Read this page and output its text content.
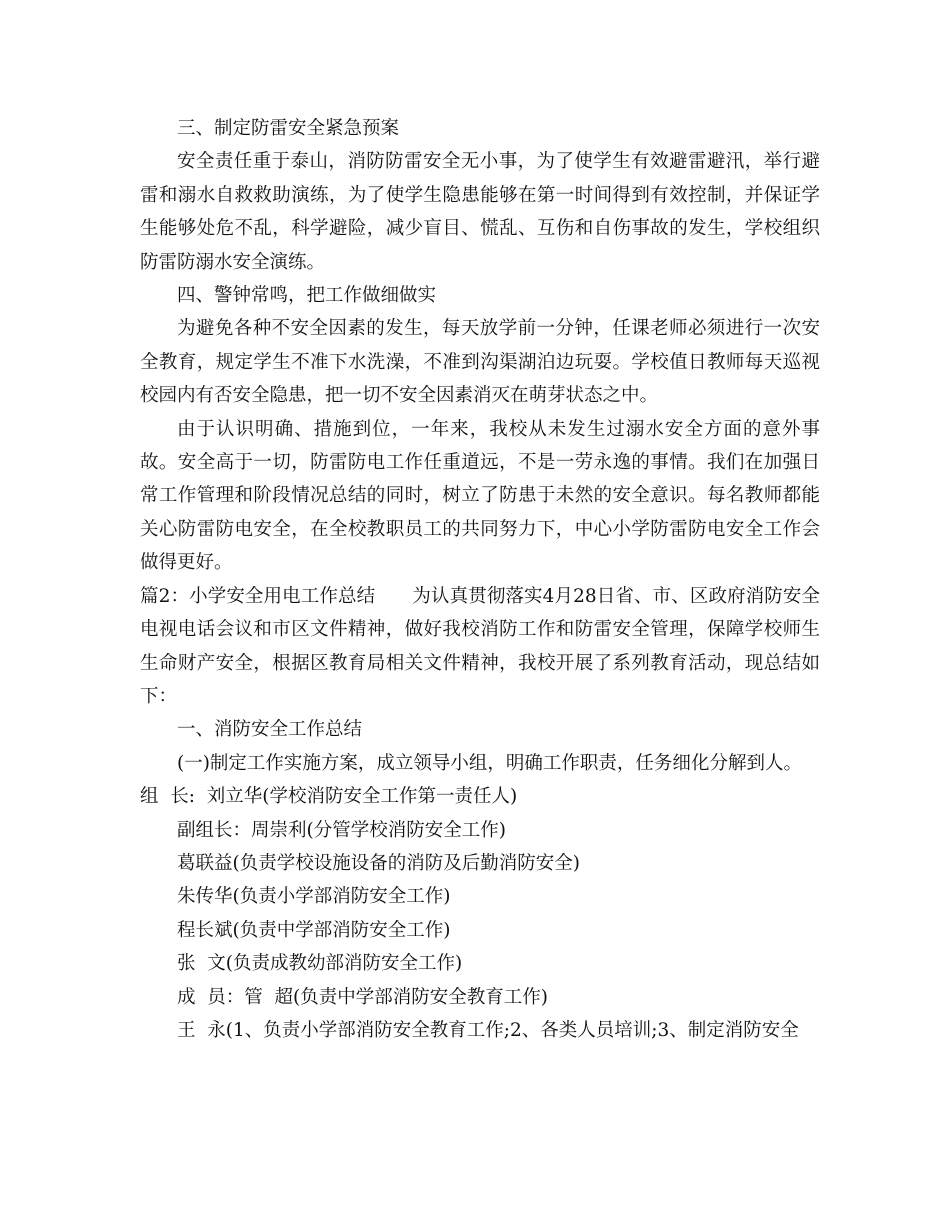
三、制定防雷安全紧急预案

安全责任重于泰山，消防防雷安全无小事，为了使学生有效避雷避汛，举行避雷和溺水自救救助演练，为了使学生隐患能够在第一时间得到有效控制，并保证学生能够处危不乱，科学避险，减少盲目、慌乱、互伤和自伤事故的发生，学校组织防雷防溺水安全演练。

四、警钟常鸣，把工作做细做实

为避免各种不安全因素的发生，每天放学前一分钟，任课老师必须进行一次安全教育，规定学生不准下水洗澡，不准到沟渠湖泊边玩耍。学校值日教师每天巡视校园内有否安全隐患，把一切不安全因素消灭在萌芽状态之中。

由于认识明确、措施到位，一年来，我校从未发生过溺水安全方面的意外事故。安全高于一切，防雷防电工作任重道远，不是一劳永逸的事情。我们在加强日常工作管理和阶段情况总结的同时，树立了防患于未然的安全意识。每名教师都能关心防雷防电安全，在全校教职员工的共同努力下，中心小学防雷防电安全工作会做得更好。

篇2：小学安全用电工作总结　　为认真贯彻落实4月28日省、市、区政府消防安全电视电话会议和市区文件精神，做好我校消防工作和防雷安全管理，保障学校师生生命财产安全，根据区教育局相关文件精神，我校开展了系列教育活动，现总结如下：

一、消防安全工作总结

(一)制定工作实施方案，成立领导小组，明确工作职责，任务细化分解到人。

组  长:  刘立华(学校消防安全工作第一责任人)

副组长：周崇利(分管学校消防安全工作)

葛联益(负责学校设施设备的消防及后勤消防安全)

朱传华(负责小学部消防安全工作)

程长斌(负责中学部消防安全工作)

张  文(负责成教幼部消防安全工作)

成  员：管  超(负责中学部消防安全教育工作)

王  永(1、负责小学部消防安全教育工作;2、各类人员培训;3、制定消防安全
